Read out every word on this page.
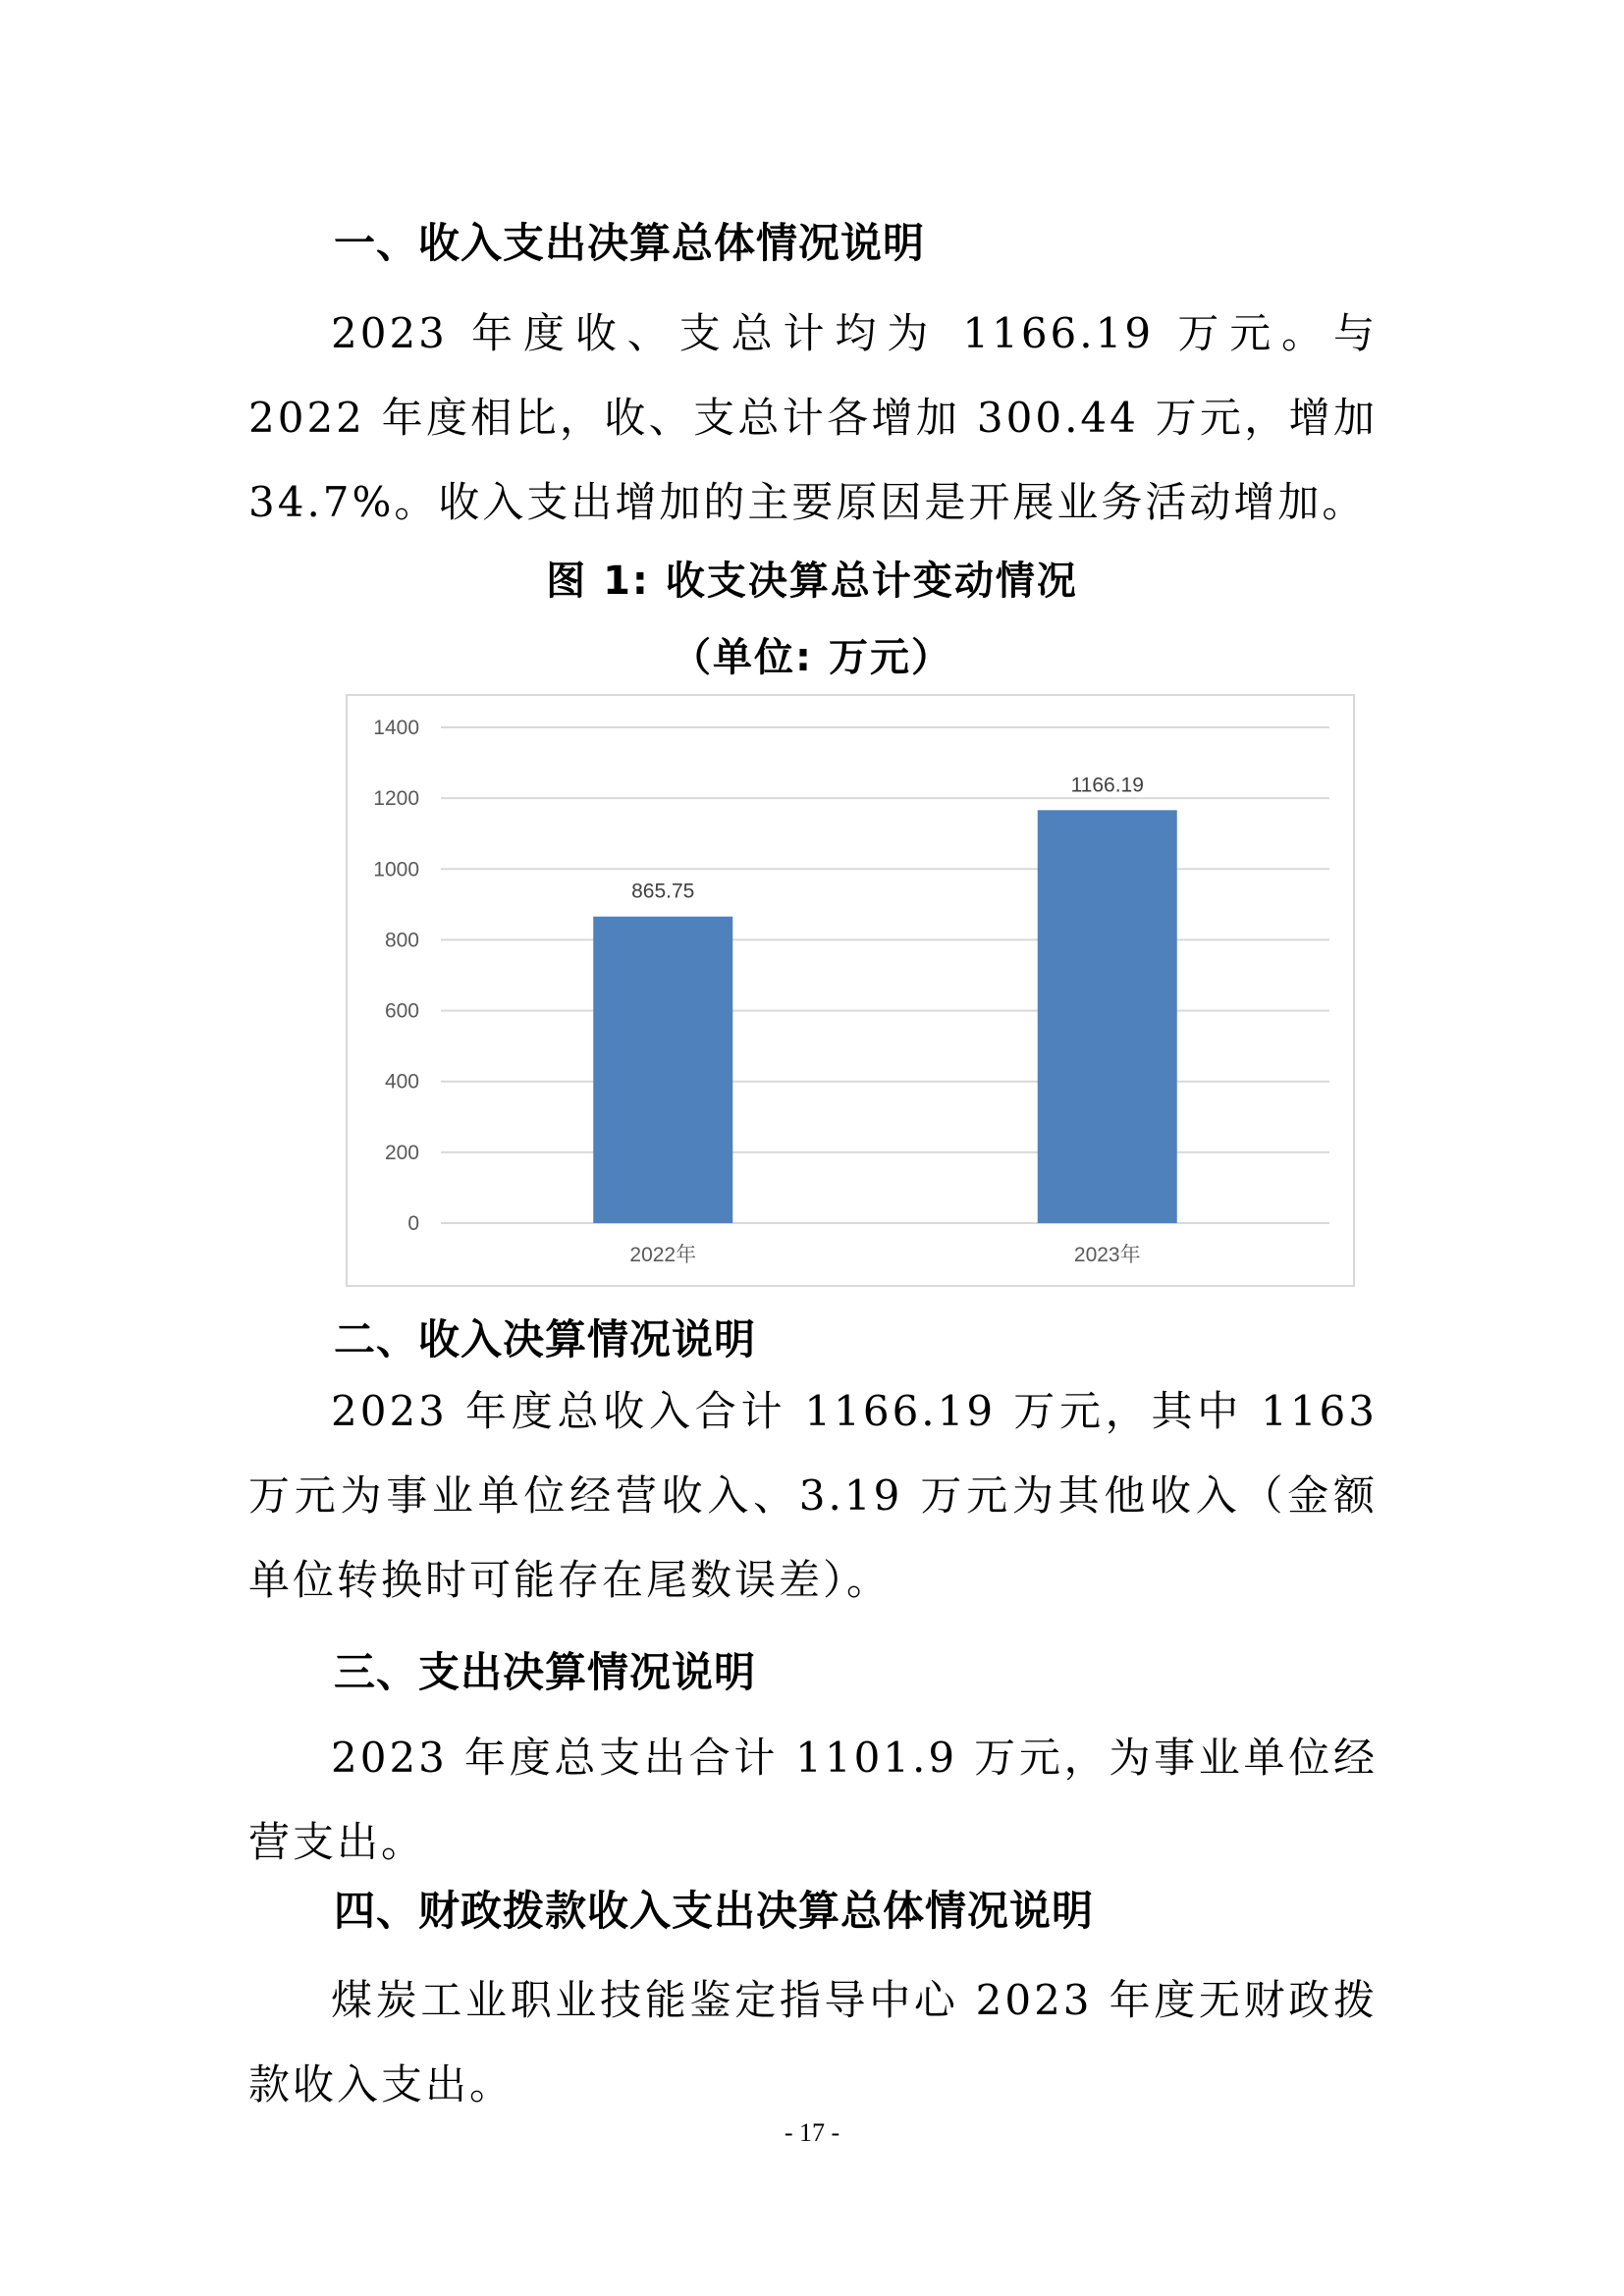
一、收入支出决算总体情况说明
2023 年度收、支总计均为 1166.19 万元。与 2022 年度相比，收、支总计各增加 300.44 万元，增加 34.7%。收入支出增加的主要原因是开展业务活动增加。
图 1: 收支决算总计变动情况
（单位: 万元）
0
200
400
600
800
1000
1200
1400
865.75
2022年
1166.19
2023年
二、收入决算情况说明
2023 年度总收入合计 1166.19 万元，其中 1163 万元为事业单位经营收入、3.19 万元为其他收入（金额单位转换时可能存在尾数误差）。
三、支出决算情况说明
2023 年度总支出合计 1101.9 万元，为事业单位经营支出。
四、财政拨款收入支出决算总体情况说明
煤炭工业职业技能鉴定指导中心 2023 年度无财政拨款收入支出。
- 17 -
